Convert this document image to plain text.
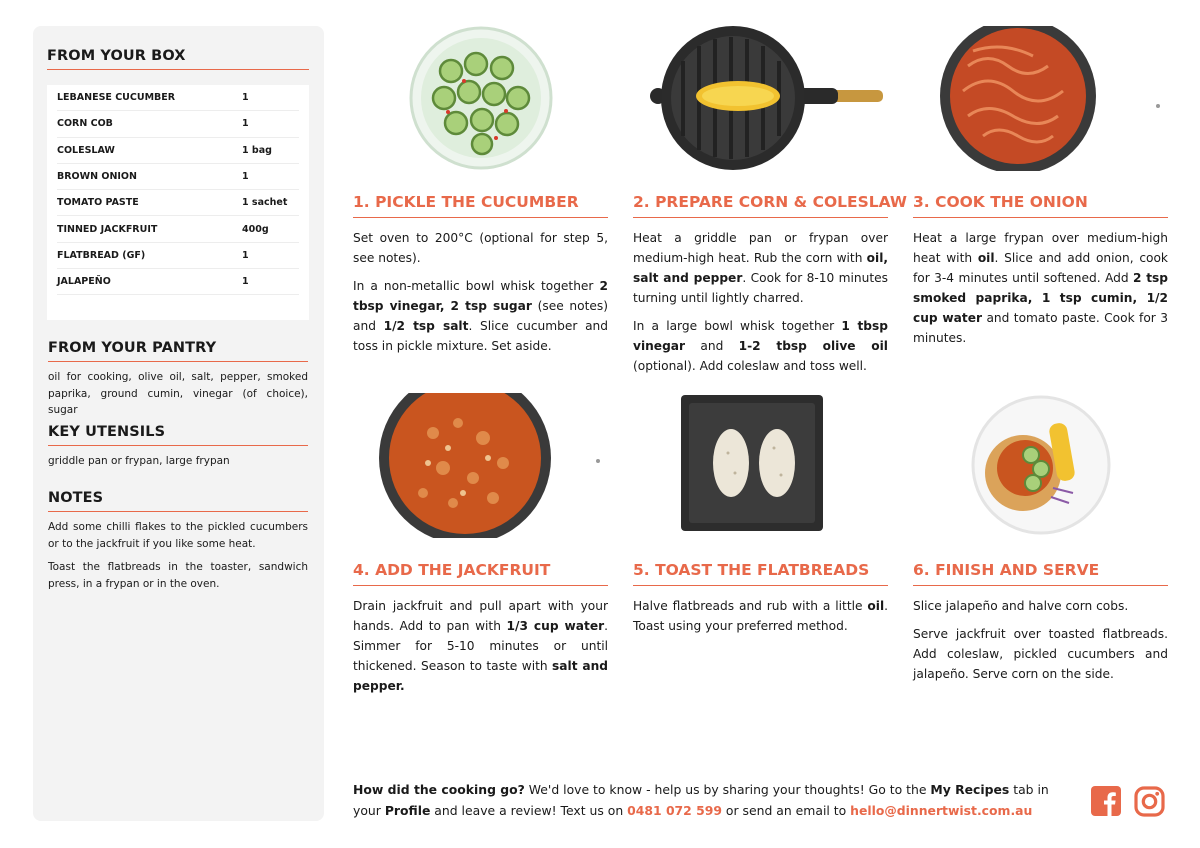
FROM YOUR BOX
LEBANESE CUCUMBER	1
CORN COB	1
COLESLAW	1 bag
BROWN ONION	1
TOMATO PASTE	1 sachet
TINNED JACKFRUIT	400g
FLATBREAD (GF)	1
JALAPEÑO	1
FROM YOUR PANTRY

oil for cooking, olive oil, salt, pepper, smoked paprika, ground cumin, vinegar (of choice), sugar

KEY UTENSILS

griddle pan or frypan, large frypan

NOTES

Add some chilli flakes to the pickled cucumbers or to the jackfruit if you like some heat.

Toast the flatbreads in the toaster, sandwich press, in a frypan or in the oven.

1. PICKLE THE CUCUMBER

Set oven to 200°C (optional for step 5, see notes).

In a non-metallic bowl whisk together 2 tbsp vinegar, 2 tsp sugar (see notes) and 1/2 tsp salt. Slice cucumber and toss in pickle mixture. Set aside.

2. PREPARE CORN & COLESLAW

Heat a griddle pan or frypan over medium-high heat. Rub the corn with oil, salt and pepper. Cook for 8-10 minutes turning until lightly charred.

In a large bowl whisk together 1 tbsp vinegar and 1-2 tbsp olive oil (optional). Add coleslaw and toss well.

3. COOK THE ONION

Heat a large frypan over medium-high heat with oil. Slice and add onion, cook for 3-4 minutes until softened. Add 2 tsp smoked paprika, 1 tsp cumin, 1/2 cup water and tomato paste. Cook for 3 minutes.

4. ADD THE JACKFRUIT

Drain jackfruit and pull apart with your hands. Add to pan with 1/3 cup water. Simmer for 5-10 minutes or until thickened. Season to taste with salt and pepper.

5. TOAST THE FLATBREADS

Halve flatbreads and rub with a little oil. Toast using your preferred method.

6. FINISH AND SERVE

Slice jalapeño and halve corn cobs.

Serve jackfruit over toasted flatbreads. Add coleslaw, pickled cucumbers and jalapeño. Serve corn on the side.

How did the cooking go? We'd love to know - help us by sharing your thoughts! Go to the My Recipes tab in your Profile and leave a review! Text us on 0481 072 599 or send an email to hello@dinnertwist.com.au
